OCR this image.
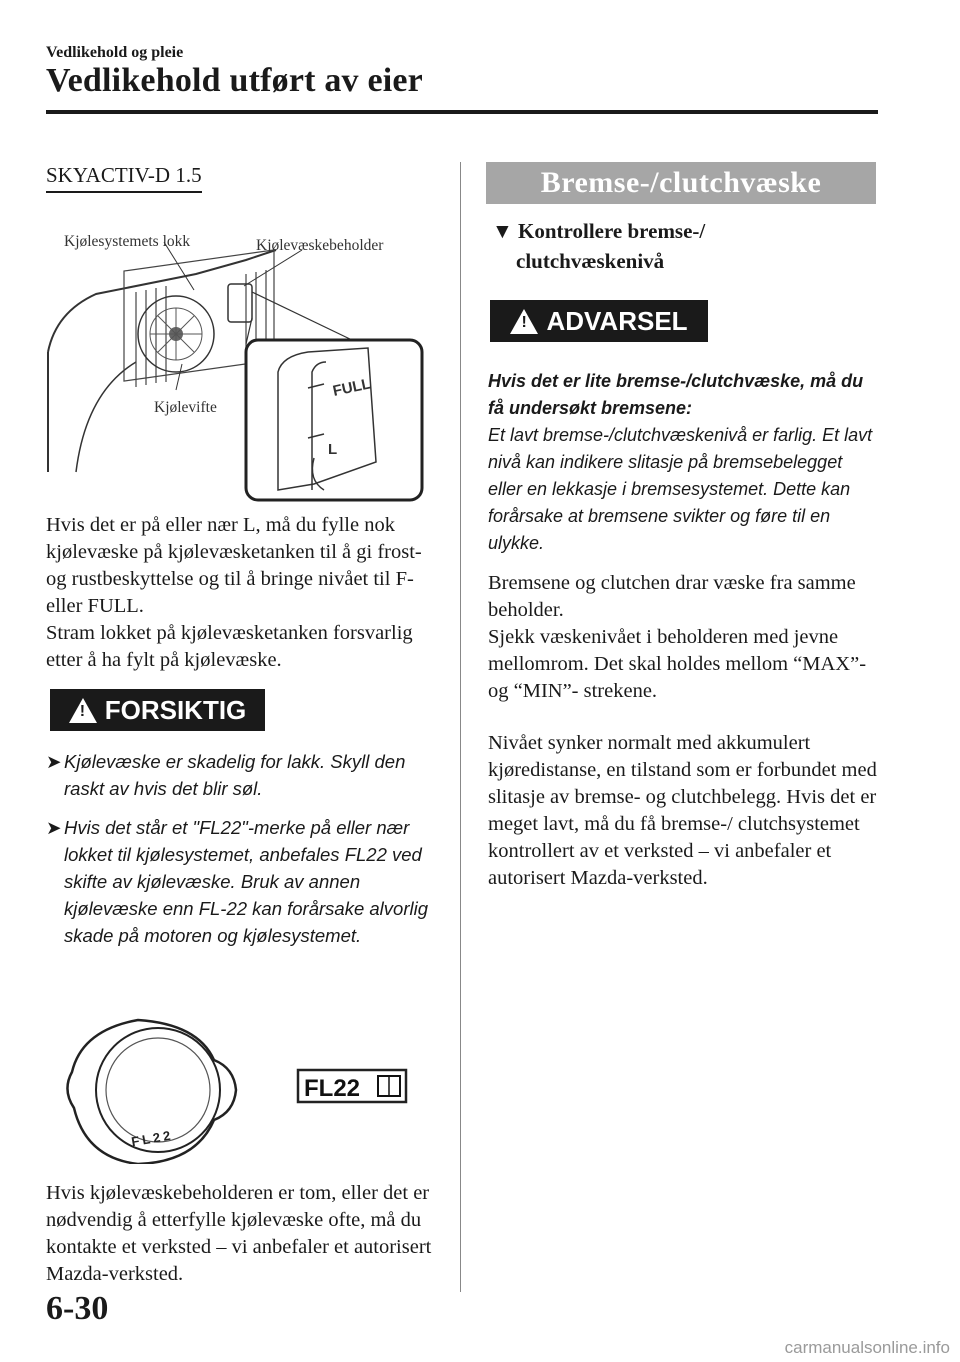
Vedlikehold og pleie
Vedlikehold utført av eier
SKYACTIV-D 1.5
FULL
L
Kjølesystemets lokk	Kjølevæskebeholder
Kjølevifte

Hvis det er på eller nær L, må du fylle nok kjølevæske på kjølevæsketanken til å gi frost- og rustbeskyttelse og til å bringe nivået til F- eller FULL.

Stram lokket på kjølevæsketanken forsvarlig etter å ha fylt på kjølevæske.

! FORSIKTIG
➤ Kjølevæske er skadelig for lakk. Skyll den raskt av hvis det blir søl.
➤ Hvis det står et "FL22"-merke på eller nær lokket til kjølesystemet, anbefales FL22 ved skifte av kjølevæske. Bruk av annen kjølevæske enn FL-22 kan forårsake alvorlig skade på motoren og kjølesystemet.
FL22
FL22

Hvis kjølevæskebeholderen er tom, eller det er nødvendig å etterfylle kjølevæske ofte, må du kontakte et verksted – vi anbefaler et autorisert Mazda-verksted.

Bremse-/clutchvæske
▼ Kontrollere bremse-/
clutchvæskenivå
! ADVARSEL
Hvis det er lite bremse-/clutchvæske, må du få undersøkt bremsene:
Et lavt bremse-/clutchvæskenivå er farlig. Et lavt nivå kan indikere slitasje på bremsebelegget eller en lekkasje i bremsesystemet. Dette kan forårsake at bremsene svikter og føre til en ulykke.

Bremsene og clutchen drar væske fra samme beholder.

Sjekk væskenivået i beholderen med jevne mellomrom. Det skal holdes mellom “MAX”- og “MIN”- strekene.

Nivået synker normalt med akkumulert kjøredistanse, en tilstand som er forbundet med slitasje av bremse- og clutchbelegg. Hvis det er meget lavt, må du få bremse-/ clutchsystemet kontrollert av et verksted – vi anbefaler et autorisert Mazda-verksted.

6-30
carmanualsonline.info
